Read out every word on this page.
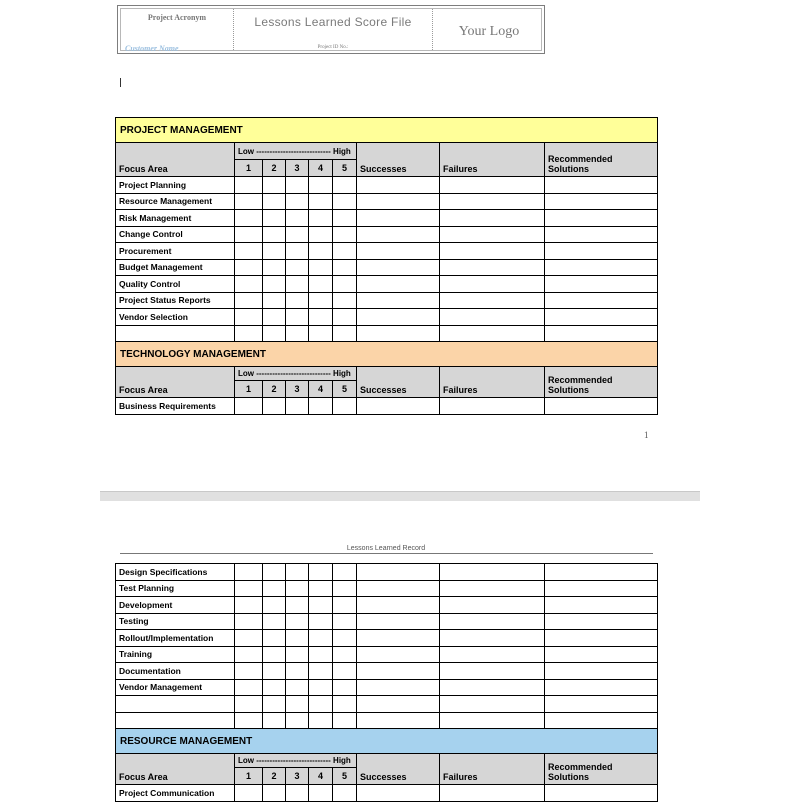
Project Acronym
Customer Name
Lessons Learned Score File
Project ID No.:
Your Logo
PROJECT MANAGEMENT								
Focus Area	Low ---------------------------- High					Successes	Failures	Recommended
Solutions
	1	2	3	4	5			
Project Planning								
Resource Management								
Risk Management								
Change Control								
Procurement								
Budget Management								
Quality Control								
Project Status Reports								
Vendor Selection								

TECHNOLOGY MANAGEMENT								
Focus Area	Low ---------------------------- High					Successes	Failures	Recommended
Solutions
	1	2	3	4	5			
Business Requirements								
1
Lessons Learned Record
Design Specifications								
Test Planning								
Development								
Testing								
Rollout/Implementation								
Training								
Documentation								
Vendor Management								

RESOURCE MANAGEMENT								
Focus Area	Low ---------------------------- High					Successes	Failures	Recommended
Solutions
	1	2	3	4	5			
Project Communication								
